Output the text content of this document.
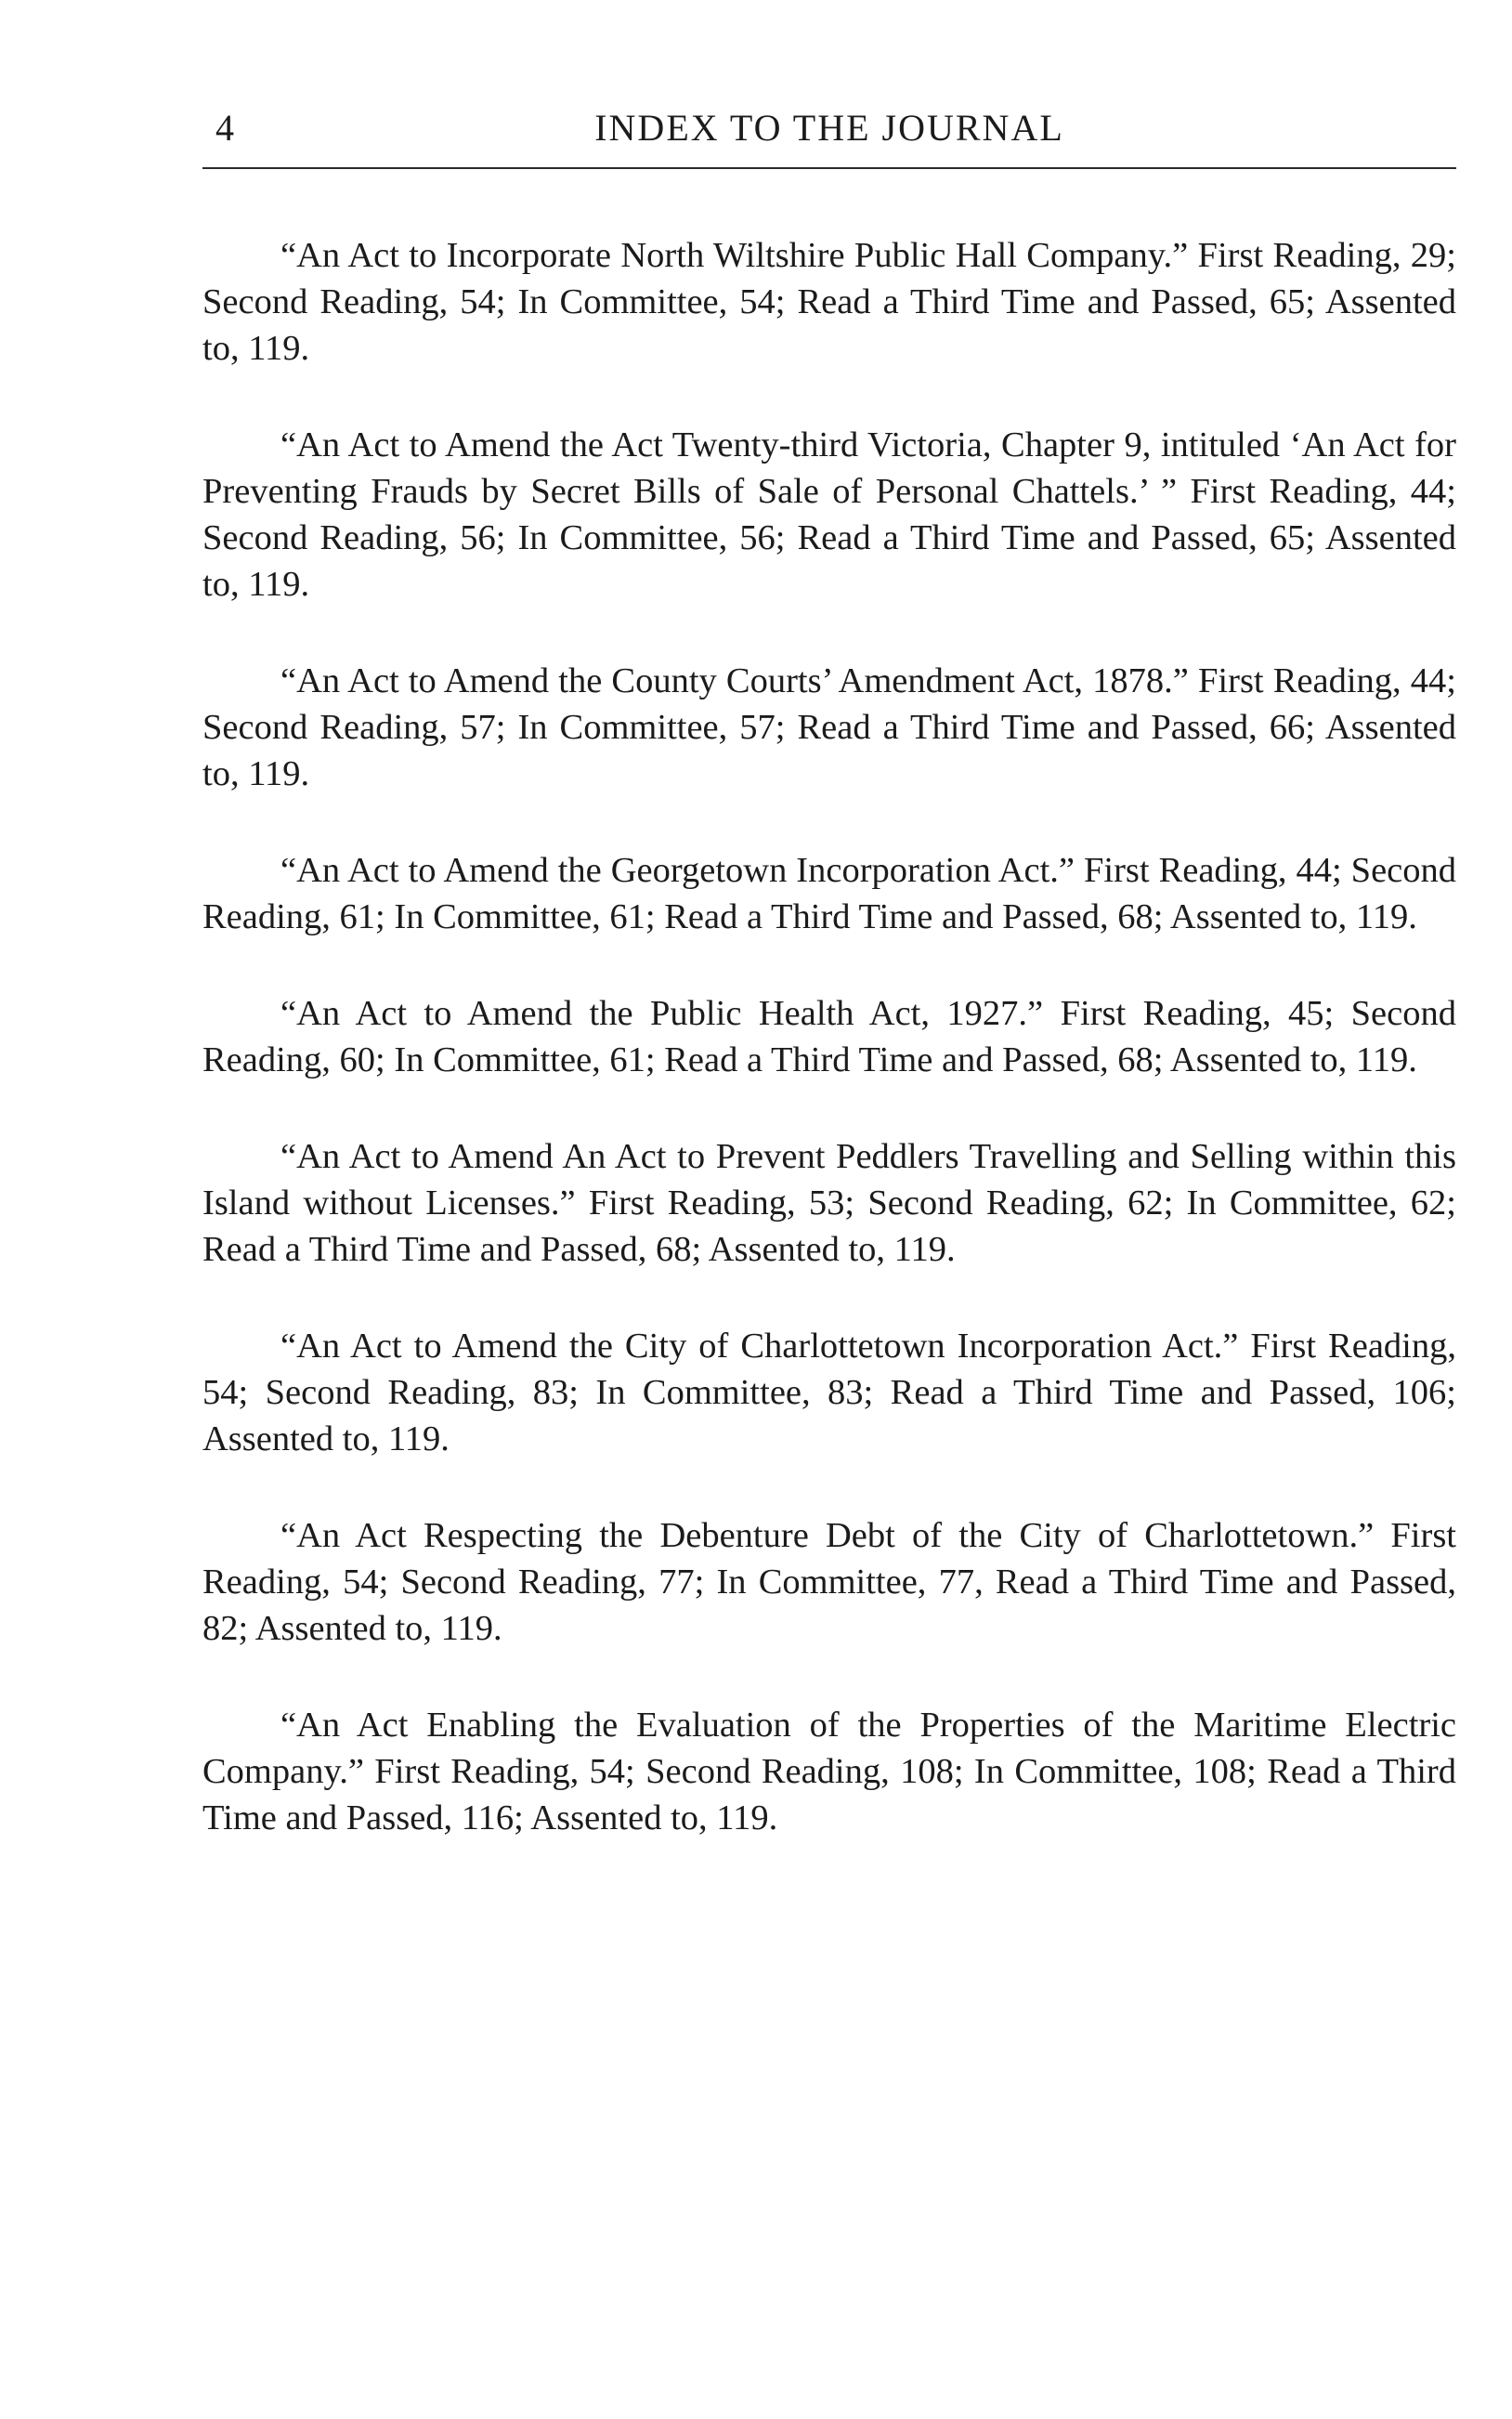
4	INDEX TO THE JOURNAL

“An Act to Incorporate North Wiltshire Public Hall Company.” First Reading, 29; Second Reading, 54; In Committee, 54; Read a Third Time and Passed, 65; Assented to, 119.

“An Act to Amend the Act Twenty-third Victoria, Chapter 9, intituled ‘An Act for Preventing Frauds by Secret Bills of Sale of Personal Chattels.’ ” First Reading, 44; Second Reading, 56; In Committee, 56; Read a Third Time and Passed, 65; Assented to, 119.

“An Act to Amend the County Courts’ Amendment Act, 1878.” First Reading, 44; Second Reading, 57; In Committee, 57; Read a Third Time and Passed, 66; Assented to, 119.

“An Act to Amend the Georgetown Incorporation Act.” First Reading, 44; Second Reading, 61; In Committee, 61; Read a Third Time and Passed, 68; Assented to, 119.

“An Act to Amend the Public Health Act, 1927.” First Reading, 45; Second Reading, 60; In Committee, 61; Read a Third Time and Passed, 68; Assented to, 119.

“An Act to Amend An Act to Prevent Peddlers Travelling and Selling within this Island without Licenses.” First Reading, 53; Second Reading, 62; In Committee, 62; Read a Third Time and Passed, 68; Assented to, 119.

“An Act to Amend the City of Charlottetown Incorporation Act.” First Reading, 54; Second Reading, 83; In Committee, 83; Read a Third Time and Passed, 106; Assented to, 119.

“An Act Respecting the Debenture Debt of the City of Charlottetown.” First Reading, 54; Second Reading, 77; In Committee, 77, Read a Third Time and Passed, 82; Assented to, 119.

“An Act Enabling the Evaluation of the Properties of the Maritime Electric Company.” First Reading, 54; Second Reading, 108; In Committee, 108; Read a Third Time and Passed, 116; Assented to, 119.
